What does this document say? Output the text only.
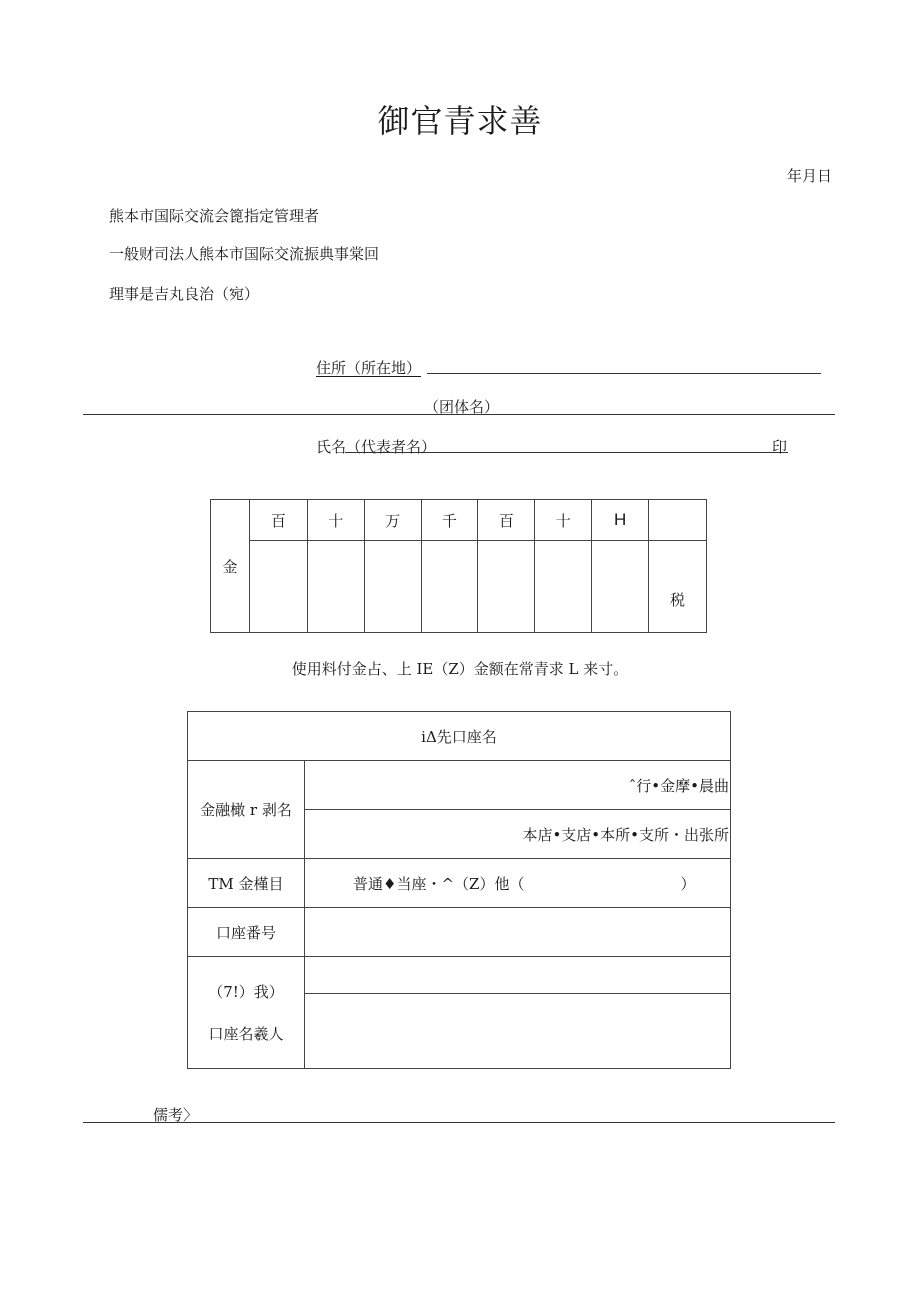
御官青求善
年月日
熊本市国际交流会篦指定管理者
一般财司法人熊本市国际交流振典事棠回
理事是吉丸良治（宛）
住所（所在地）
（团体名）
氏名（代表者名）	印
金	百	十	万	千	百	十	H	
								税
使用料付金占、上 IE（Z）金额在常青求 L 来寸。
iΔ先口座名	
金融橄 r 剥名	ˆ行•金摩•晨曲
	本店•支店•本所•支所・出张所
TM 金槿目	普通♦当座・^（Z）他（ ）
口座番号	

（7!）我）
口座名羲人	

儒考〉
